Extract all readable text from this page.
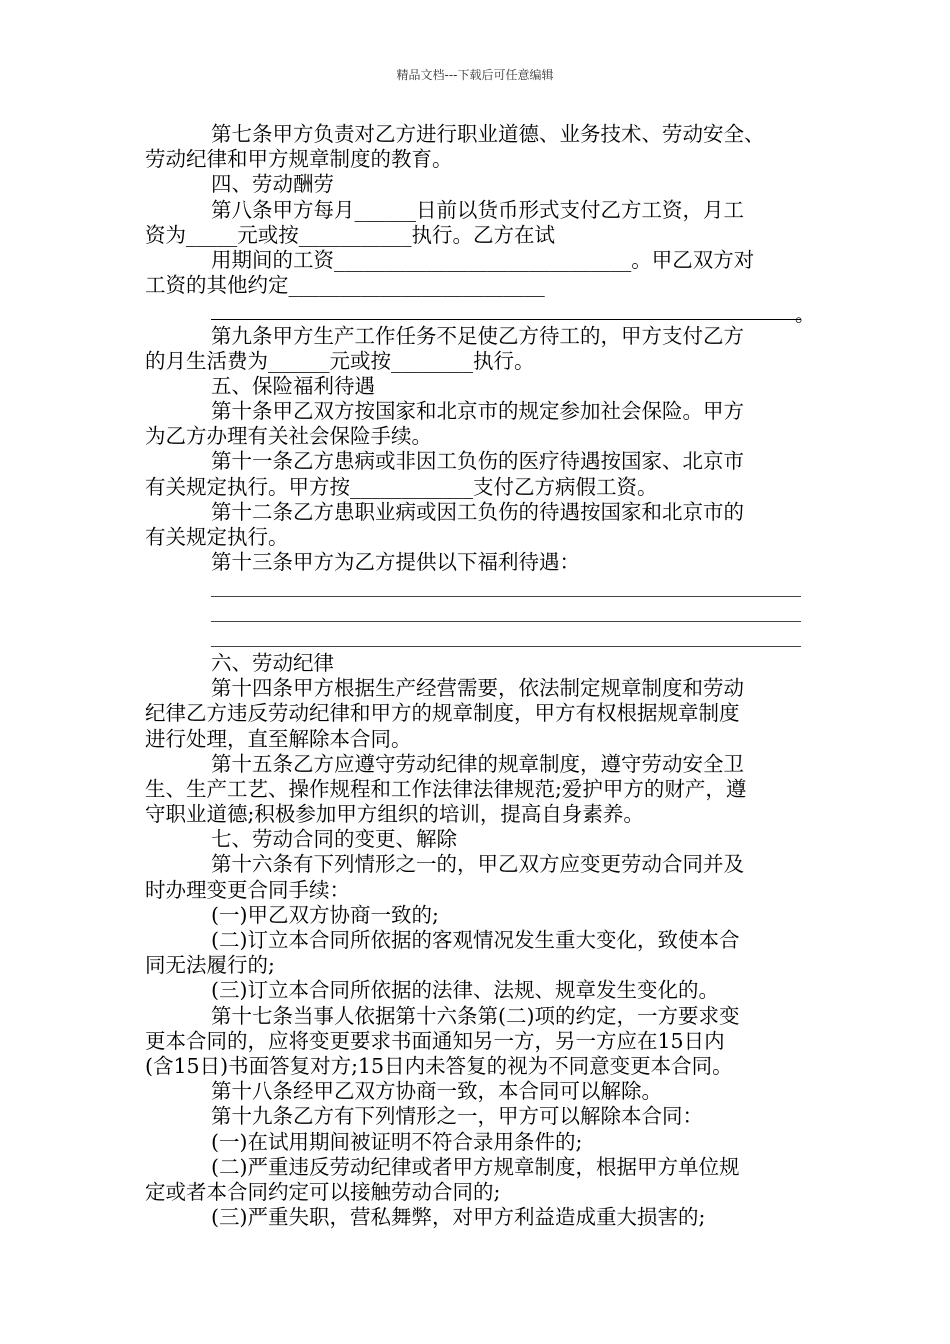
精品文档---下载后可任意编辑
第七条甲方负责对乙方进行职业道德、业务技术、劳动安全、
劳动纪律和甲方规章制度的教育。
四、劳动酬劳
第八条甲方每月______日前以货币形式支付乙方工资，月工
资为_____元或按___________执行。乙方在试
用期间的工资_____________________________。甲乙双方对
工资的其他约定_________________________
。
第九条甲方生产工作任务不足使乙方待工的，甲方支付乙方
的月生活费为______元或按________执行。
五、保险福利待遇
第十条甲乙双方按国家和北京市的规定参加社会保险。甲方
为乙方办理有关社会保险手续。
第十一条乙方患病或非因工负伤的医疗待遇按国家、北京市
有关规定执行。甲方按____________支付乙方病假工资。
第十二条乙方患职业病或因工负伤的待遇按国家和北京市的
有关规定执行。
第十三条甲方为乙方提供以下福利待遇：
六、劳动纪律
第十四条甲方根据生产经营需要，依法制定规章制度和劳动
纪律乙方违反劳动纪律和甲方的规章制度，甲方有权根据规章制度
进行处理，直至解除本合同。
第十五条乙方应遵守劳动纪律的规章制度，遵守劳动安全卫
生、生产工艺、操作规程和工作法律法律规范;爱护甲方的财产，遵
守职业道德;积极参加甲方组织的培训，提高自身素养。
七、劳动合同的变更、解除
第十六条有下列情形之一的，甲乙双方应变更劳动合同并及
时办理变更合同手续：
(一)甲乙双方协商一致的;
(二)订立本合同所依据的客观情况发生重大变化，致使本合
同无法履行的;
(三)订立本合同所依据的法律、法规、规章发生变化的。
第十七条当事人依据第十六条第(二)项的约定，一方要求变
更本合同的，应将变更要求书面通知另一方，另一方应在15日内
(含15日)书面答复对方;15日内未答复的视为不同意变更本合同。
第十八条经甲乙双方协商一致，本合同可以解除。
第十九条乙方有下列情形之一，甲方可以解除本合同：
(一)在试用期间被证明不符合录用条件的;
(二)严重违反劳动纪律或者甲方规章制度，根据甲方单位规
定或者本合同约定可以接触劳动合同的;
(三)严重失职，营私舞弊，对甲方利益造成重大损害的;
